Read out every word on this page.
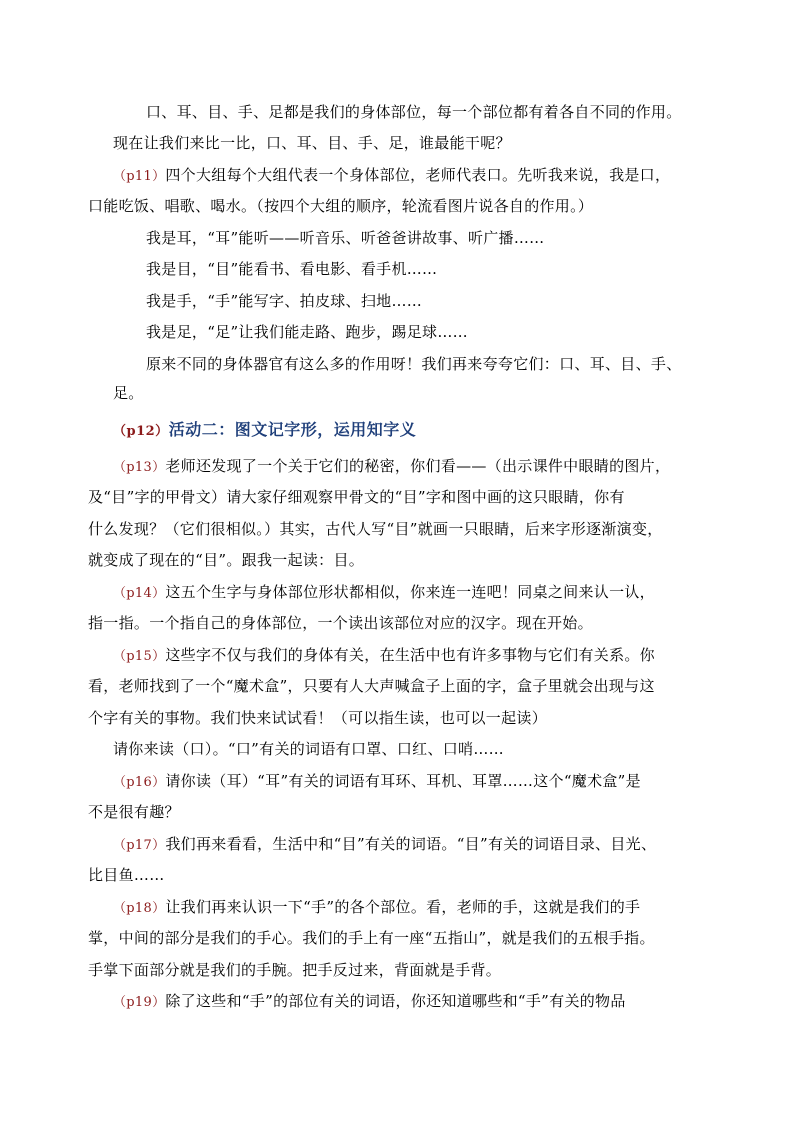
口、耳、目、手、足都是我们的身体部位，每一个部位都有着各自不同的作用。

现在让我们来比一比，口、耳、目、手、足，谁最能干呢？

（p11）四个大组每个大组代表一个身体部位，老师代表口。先听我来说，我是口，

口能吃饭、唱歌、喝水。（按四个大组的顺序，轮流看图片说各自的作用。）

我是耳，“耳”能听——听音乐、听爸爸讲故事、听广播……

我是目，“目”能看书、看电影、看手机……

我是手，“手”能写字、拍皮球、扫地……

我是足，“足”让我们能走路、跑步，踢足球……

原来不同的身体器官有这么多的作用呀！我们再来夸夸它们：口、耳、目、手、

足。

（p12）活动二：图文记字形，运用知字义

（p13）老师还发现了一个关于它们的秘密，你们看——（出示课件中眼睛的图片，

及“目”字的甲骨文）请大家仔细观察甲骨文的“目”字和图中画的这只眼睛，你有

什么发现？（它们很相似。）其实，古代人写“目”就画一只眼睛，后来字形逐渐演变，

就变成了现在的“目”。跟我一起读：目。

（p14）这五个生字与身体部位形状都相似，你来连一连吧！同桌之间来认一认，

指一指。一个指自己的身体部位，一个读出该部位对应的汉字。现在开始。

（p15）这些字不仅与我们的身体有关，在生活中也有许多事物与它们有关系。你

看，老师找到了一个“魔术盒”，只要有人大声喊盒子上面的字，盒子里就会出现与这

个字有关的事物。我们快来试试看！（可以指生读，也可以一起读）

请你来读（口）。“口”有关的词语有口罩、口红、口哨……

（p16）请你读（耳）“耳”有关的词语有耳环、耳机、耳罩……这个“魔术盒”是

不是很有趣？

（p17）我们再来看看，生活中和“目”有关的词语。“目”有关的词语目录、目光、

比目鱼……

（p18）让我们再来认识一下“手”的各个部位。看，老师的手，这就是我们的手

掌，中间的部分是我们的手心。我们的手上有一座“五指山”，就是我们的五根手指。

手掌下面部分就是我们的手腕。把手反过来，背面就是手背。

（p19）除了这些和“手”的部位有关的词语，你还知道哪些和“手”有关的物品
